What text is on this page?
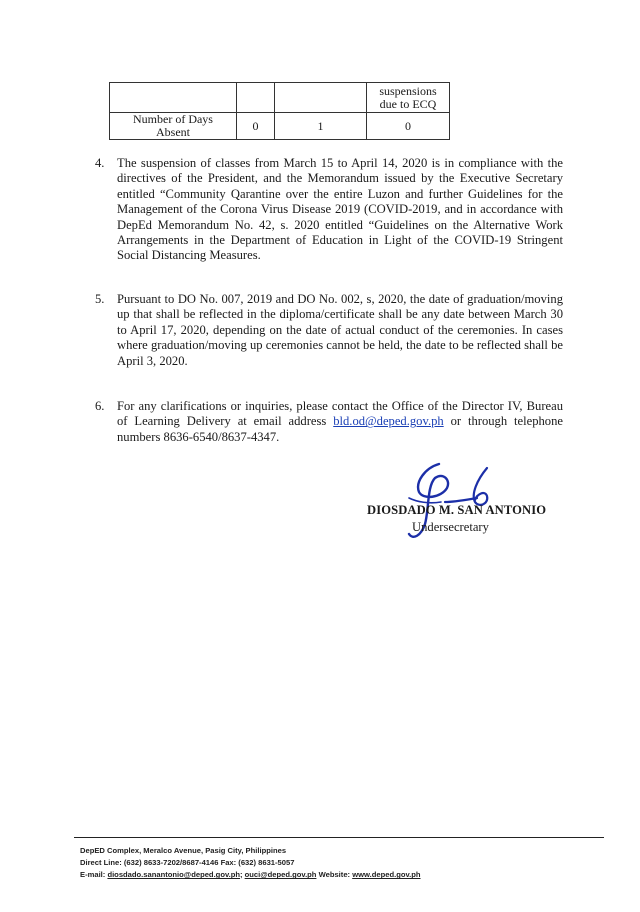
			suspensions
due to ECQ

Number of Days
Absent	0	1	0
4. The suspension of classes from March 15 to April 14, 2020 is in compliance with the directives of the President, and the Memorandum issued by the Executive Secretary entitled “Community Qarantine over the entire Luzon and further Guidelines for the Management of the Corona Virus Disease 2019 (COVID-2019, and in accordance with DepEd Memorandum No. 42, s. 2020 entitled “Guidelines on the Alternative Work Arrangements in the Department of Education in Light of the COVID-19 Stringent Social Distancing Measures.
5. Pursuant to DO No. 007, 2019 and DO No. 002, s, 2020, the date of graduation/moving up that shall be reflected in the diploma/certificate shall be any date between March 30 to April 17, 2020, depending on the date of actual conduct of the ceremonies. In cases where graduation/moving up ceremonies cannot be held, the date to be reflected shall be April 3, 2020.
6. For any clarifications or inquiries, please contact the Office of the Director IV, Bureau of Learning Delivery at email address bld.od@deped.gov.ph or through telephone numbers 8636-6540/8637-4347.
DIOSDADO M. SAN ANTONIO
Undersecretary
DepED Complex, Meralco Avenue, Pasig City, Philippines
Direct Line: (632) 8633-7202/8687-4146 Fax: (632) 8631-5057
E-mail: diosdado.sanantonio@deped.gov.ph; ouci@deped.gov.ph Website: www.deped.gov.ph
